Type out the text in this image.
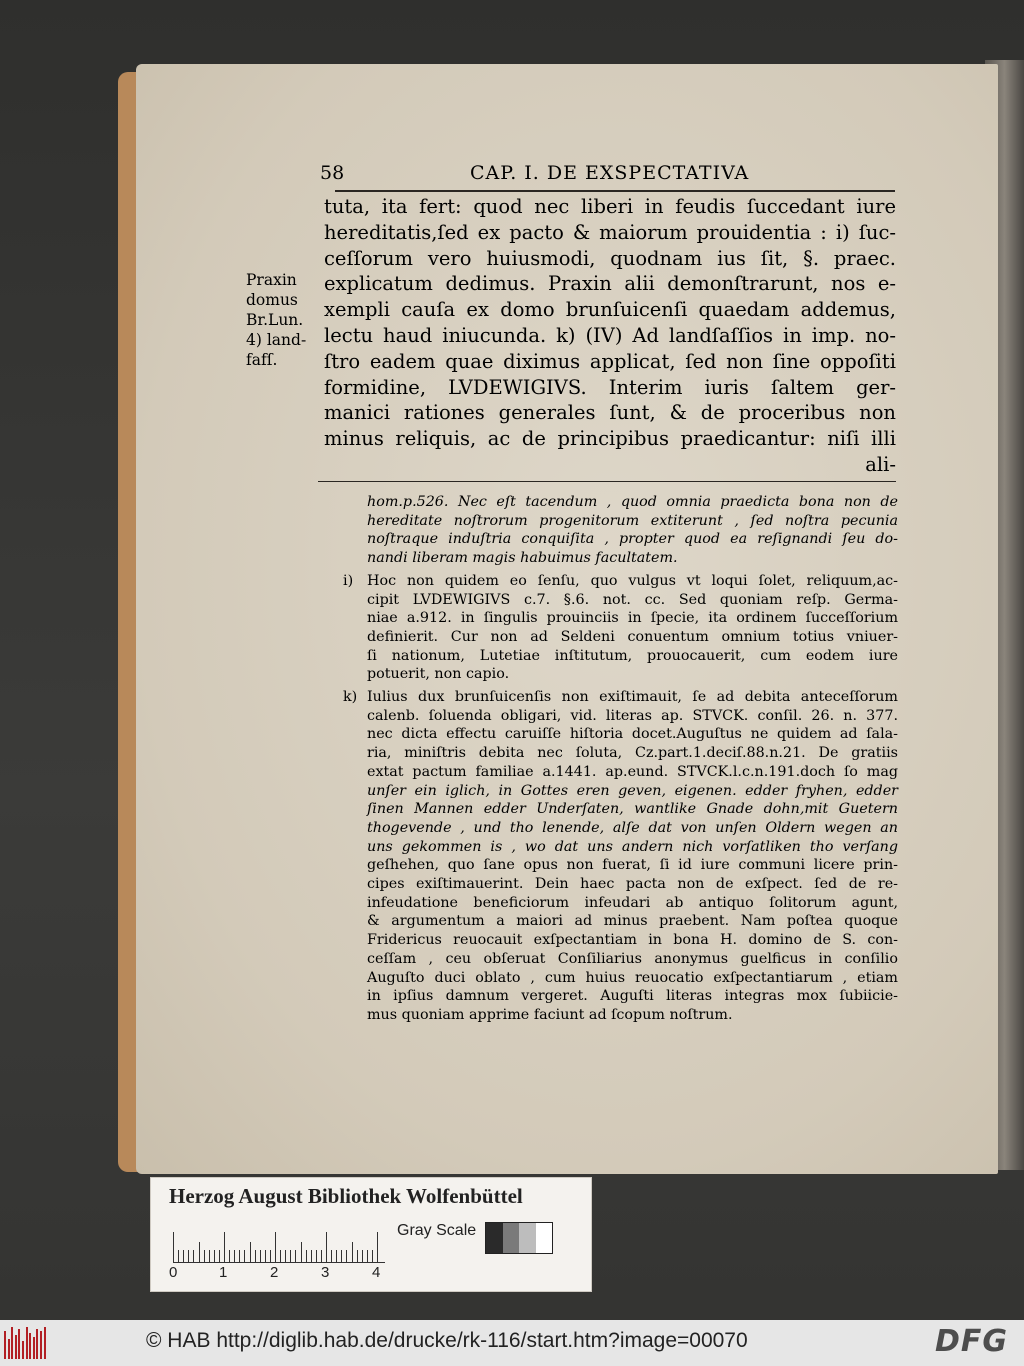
58	CAP. I. DE EXSPECTATIVA
Praxin
domus
Br.Lun.
4) land-
fafſ.
tuta, ita fert: quod nec liberi in feudis ſuccedant iure
hereditatis,ſed ex pacto & maiorum prouidentia : i) ſuc-
ceſſorum vero huiusmodi, quodnam ius ſit, §. praec.
explicatum dedimus. Praxin alii demonſtrarunt, nos e-
xempli cauſa ex domo brunſuicenſi quaedam addemus,
lectu haud iniucunda. k) (IV) Ad landſaſſios in imp. no-
ſtro eadem quae diximus applicat, ſed non ſine oppoſiti
formidine, LVDEWIGIVS. Interim iuris ſaltem ger-
manici rationes generales ſunt, & de proceribus non
minus reliquis, ac de principibus praedicantur: niſi illi
ali-
hom.p.526. Nec eſt tacendum , quod omnia praedicta bona non de
hereditate noſtrorum progenitorum extiterunt , ſed noſtra pecunia
noſtraque induſtria conquiſita , propter quod ea reſignandi ſeu do-
nandi liberam magis habuimus facultatem.
i) Hoc non quidem eo ſenſu, quo vulgus vt loqui ſolet, reliquum,ac-
cipit LVDEWIGIVS c.7. §.6. not. cc. Sed quoniam reſp. Germa-
niae a.912. in ſingulis prouinciis in ſpecie, ita ordinem ſucceſſorium
definierit. Cur non ad Seldeni conuentum omnium totius vniuer-
ſi nationum, Lutetiae inſtitutum, prouocauerit, cum eodem iure
potuerit, non capio.
k) Iulius dux brunſuicenſis non exiſtimauit, ſe ad debita anteceſſorum
calenb. ſoluenda obligari, vid. literas ap. STVCK. conſil. 26. n. 377.
nec dicta effectu caruiſſe hiſtoria docet.Auguſtus ne quidem ad ſala-
ria, miniſtris debita nec ſoluta, Cz.part.1.deciſ.88.n.21. De gratiis
extat pactum familiae a.1441. ap.eund. STVCK.l.c.n.191.doch ſo mag
unſer ein iglich, in Gottes eren geven, eigenen. edder fryhen, edder
ſinen Mannen edder Underſaten, wantlike Gnade dohn,mit Guetern
thogevende , und tho lenende, alſe dat von unſen Oldern wegen an
uns gekommen is , wo dat uns andern nich vorſatliken tho verſang
geſhehen, quo ſane opus non fuerat, ſi id iure communi licere prin-
cipes exiſtimauerint. Dein haec pacta non de exſpect. ſed de re-
infeudatione beneficiorum infeudari ab antiquo ſolitorum agunt,
& argumentum a maiori ad minus praebent. Nam poſtea quoque
Fridericus reuocauit exſpectantiam in bona H. domino de S. con-
ceſſam , ceu obſeruat Conſiliarius anonymus guelficus in conſilio
Auguſto duci oblato , cum huius reuocatio exſpectantiarum , etiam
in ipſius damnum vergeret. Auguſti literas integras mox ſubiicie-
mus quoniam apprime faciunt ad ſcopum noſtrum.
Herzog August Bibliothek Wolfenbüttel
0	1	2	3	4
Gray Scale
© HAB http://diglib.hab.de/drucke/rk-116/start.htm?image=00070	DFG
